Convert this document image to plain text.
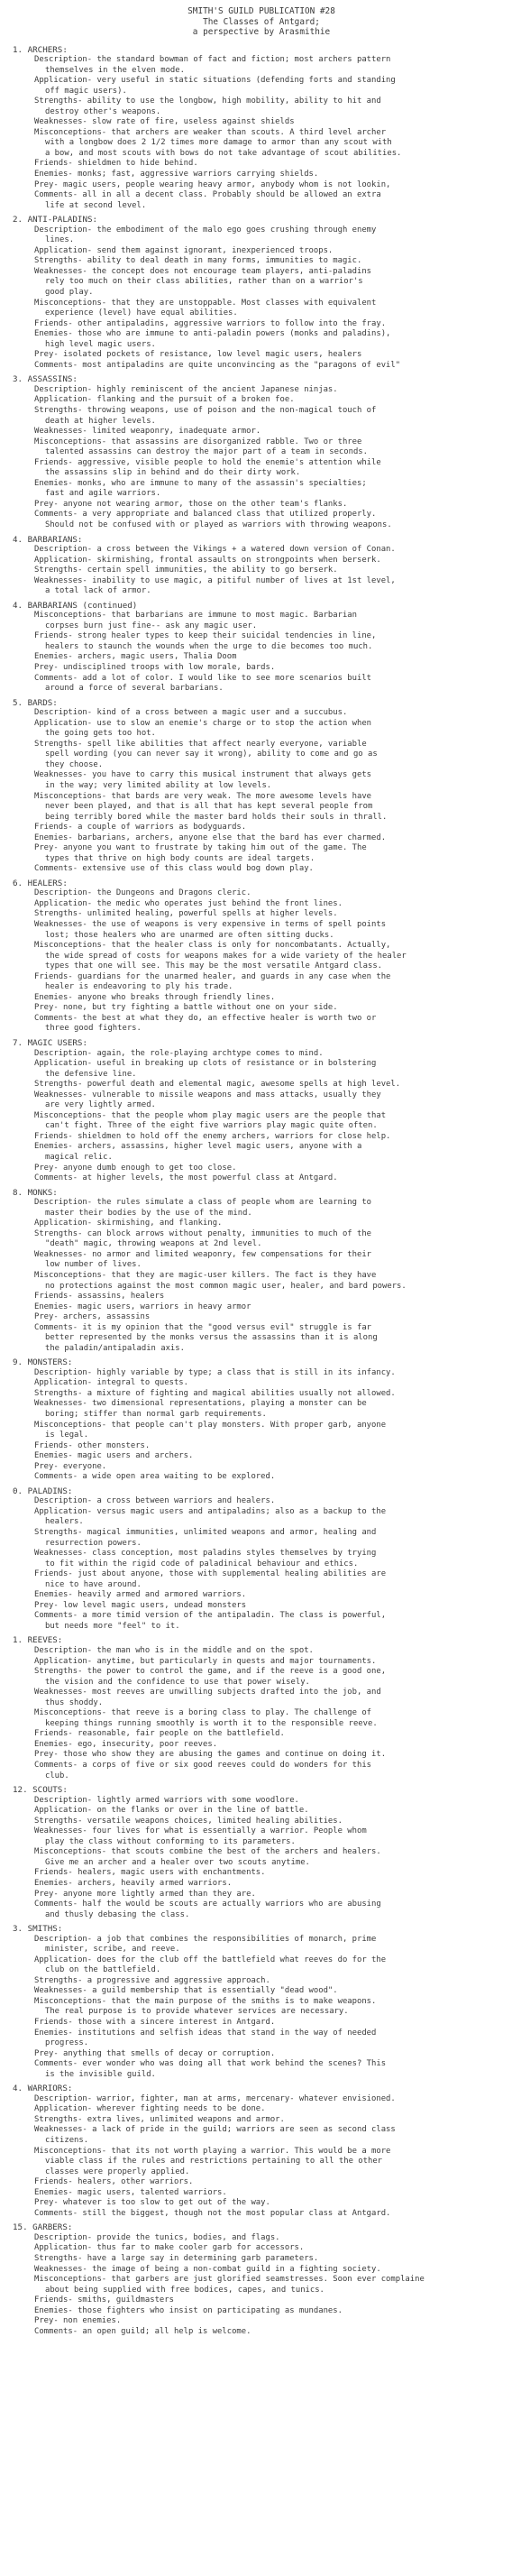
SMITH'S GUILD PUBLICATION #28
The Classes of Antgard;
a perspective by Arasmithie
1. ARCHERS:
Description- the standard bowman of fact and fiction; most archers pattern
themselves in the elven mode.
Application- very useful in static situations (defending forts and standing
off magic users).
Strengths- ability to use the longbow, high mobility, ability to hit and
destroy other's weapons.
Weaknesses- slow rate of fire, useless against shields
Misconceptions- that archers are weaker than scouts. A third level archer
with a longbow does 2 1/2 times more damage to armor than any scout with
a bow, and most scouts with bows do not take advantage of scout abilities.
Friends- shieldmen to hide behind.
Enemies- monks; fast, aggressive warriors carrying shields.
Prey- magic users, people wearing heavy armor, anybody whom is not lookin,
Comments- all in all a decent class. Probably should be allowed an extra
life at second level.
2. ANTI-PALADINS:
Description- the embodiment of the malo ego goes crushing through enemy
lines.
Application- send them against ignorant, inexperienced troops.
Strengths- ability to deal death in many forms, immunities to magic.
Weaknesses- the concept does not encourage team players, anti-paladins
rely too much on their class abilities, rather than on a warrior's
good play.
Misconceptions- that they are unstoppable. Most classes with equivalent
experience (level) have equal abilities.
Friends- other antipaladins, aggressive warriors to follow into the fray.
Enemies- those who are immune to anti-paladin powers (monks and paladins),
high level magic users.
Prey- isolated pockets of resistance, low level magic users, healers
Comments- most antipaladins are quite unconvincing as the "paragons of evil"
3. ASSASSINS:
Description- highly reminiscent of the ancient Japanese ninjas.
Application- flanking and the pursuit of a broken foe.
Strengths- throwing weapons, use of poison and the non-magical touch of
death at higher levels.
Weaknesses- limited weaponry, inadequate armor.
Misconceptions- that assassins are disorganized rabble. Two or three
talented assassins can destroy the major part of a team in seconds.
Friends- aggressive, visible people to hold the enemie's attention while
the assassins slip in behind and do their dirty work.
Enemies- monks, who are immune to many of the assassin's specialties;
fast and agile warriors.
Prey- anyone not wearing armor, those on the other team's flanks.
Comments- a very appropriate and balanced class that utilized properly.
Should not be confused with or played as warriors with throwing weapons.
4. BARBARIANS:
Description- a cross between the Vikings + a watered down version of Conan.
Application- skirmishing, frontal assaults on strongpoints when berserk.
Strengths- certain spell immunities, the ability to go berserk.
Weaknesses- inability to use magic, a pitiful number of lives at 1st level,
a total lack of armor.
4. BARBARIANS (continued)
Misconceptions- that barbarians are immune to most magic. Barbarian
corpses burn just fine-- ask any magic user.
Friends- strong healer types to keep their suicidal tendencies in line,
healers to staunch the wounds when the urge to die becomes too much.
Enemies- archers, magic users, Thalia Doom
Prey- undisciplined troops with low morale, bards.
Comments- add a lot of color. I would like to see more scenarios built
around a force of several barbarians.
5. BARDS:
Description- kind of a cross between a magic user and a succubus.
Application- use to slow an enemie's charge or to stop the action when
the going gets too hot.
Strengths- spell like abilities that affect nearly everyone, variable
spell wording (you can never say it wrong), ability to come and go as
they choose.
Weaknesses- you have to carry this musical instrument that always gets
in the way; very limited ability at low levels.
Misconceptions- that bards are very weak. The more awesome levels have
never been played, and that is all that has kept several people from
being terribly bored while the master bard holds their souls in thrall.
Friends- a couple of warriors as bodyguards.
Enemies- barbarians, archers, anyone else that the bard has ever charmed.
Prey- anyone you want to frustrate by taking him out of the game. The
types that thrive on high body counts are ideal targets.
Comments- extensive use of this class would bog down play.
6. HEALERS:
Description- the Dungeons and Dragons cleric.
Application- the medic who operates just behind the front lines.
Strengths- unlimited healing, powerful spells at higher levels.
Weaknesses- the use of weapons is very expensive in terms of spell points
lost; those healers who are unarmed are often sitting ducks.
Misconceptions- that the healer class is only for noncombatants. Actually,
the wide spread of costs for weapons makes for a wide variety of the healer
types that one will see. This may be the most versatile Antgard class.
Friends- guardians for the unarmed healer, and guards in any case when the
healer is endeavoring to ply his trade.
Enemies- anyone who breaks through friendly lines.
Prey- none, but try fighting a battle without one on your side.
Comments- the best at what they do, an effective healer is worth two or
three good fighters.
7. MAGIC USERS:
Description- again, the role-playing archtype comes to mind.
Application- useful in breaking up clots of resistance or in bolstering
the defensive line.
Strengths- powerful death and elemental magic, awesome spells at high level.
Weaknesses- vulnerable to missile weapons and mass attacks, usually they
are very lightly armed.
Misconceptions- that the people whom play magic users are the people that
can't fight. Three of the eight five warriors play magic quite often.
Friends- shieldmen to hold off the enemy archers, warriors for close help.
Enemies- archers, assassins, higher level magic users, anyone with a
magical relic.
Prey- anyone dumb enough to get too close.
Comments- at higher levels, the most powerful class at Antgard.
8. MONKS:
Description- the rules simulate a class of people whom are learning to
master their bodies by the use of the mind.
Application- skirmishing, and flanking.
Strengths- can block arrows without penalty, immunities to much of the
"death" magic, throwing weapons at 2nd level.
Weaknesses- no armor and limited weaponry, few compensations for their
low number of lives.
Misconceptions- that they are magic-user killers. The fact is they have
no protections against the most common magic user, healer, and bard powers.
Friends- assassins, healers
Enemies- magic users, warriors in heavy armor
Prey- archers, assassins
Comments- it is my opinion that the "good versus evil" struggle is far
better represented by the monks versus the assassins than it is along
the paladin/antipaladin axis.
9. MONSTERS:
Description- highly variable by type; a class that is still in its infancy.
Application- integral to quests.
Strengths- a mixture of fighting and magical abilities usually not allowed.
Weaknesses- two dimensional representations, playing a monster can be
boring; stiffer than normal garb requirements.
Misconceptions- that people can't play monsters. With proper garb, anyone
is legal.
Friends- other monsters.
Enemies- magic users and archers.
Prey- everyone.
Comments- a wide open area waiting to be explored.
0. PALADINS:
Description- a cross between warriors and healers.
Application- versus magic users and antipaladins; also as a backup to the
healers.
Strengths- magical immunities, unlimited weapons and armor, healing and
resurrection powers.
Weaknesses- class conception, most paladins styles themselves by trying
to fit within the rigid code of paladinical behaviour and ethics.
Friends- just about anyone, those with supplemental healing abilities are
nice to have around.
Enemies- heavily armed and armored warriors.
Prey- low level magic users, undead monsters
Comments- a more timid version of the antipaladin. The class is powerful,
but needs more "feel" to it.
1. REEVES:
Description- the man who is in the middle and on the spot.
Application- anytime, but particularly in quests and major tournaments.
Strengths- the power to control the game, and if the reeve is a good one,
the vision and the confidence to use that power wisely.
Weaknesses- most reeves are unwilling subjects drafted into the job, and
thus shoddy.
Misconceptions- that reeve is a boring class to play. The challenge of
keeping things running smoothly is worth it to the responsible reeve.
Friends- reasonable, fair people on the battlefield.
Enemies- ego, insecurity, poor reeves.
Prey- those who show they are abusing the games and continue on doing it.
Comments- a corps of five or six good reeves could do wonders for this
club.
12. SCOUTS:
Description- lightly armed warriors with some woodlore.
Application- on the flanks or over in the line of battle.
Strengths- versatile weapons choices, limited healing abilities.
Weaknesses- four lives for what is essentially a warrior. People whom
play the class without conforming to its parameters.
Misconceptions- that scouts combine the best of the archers and healers.
Give me an archer and a healer over two scouts anytime.
Friends- healers, magic users with enchantments.
Enemies- archers, heavily armed warriors.
Prey- anyone more lightly armed than they are.
Comments- half the would be scouts are actually warriors who are abusing
and thusly debasing the class.
3. SMITHS:
Description- a job that combines the responsibilities of monarch, prime
minister, scribe, and reeve.
Application- does for the club off the battlefield what reeves do for the
club on the battlefield.
Strengths- a progressive and aggressive approach.
Weaknesses- a guild membership that is essentially "dead wood".
Misconceptions- that the main purpose of the smiths is to make weapons.
The real purpose is to provide whatever services are necessary.
Friends- those with a sincere interest in Antgard.
Enemies- institutions and selfish ideas that stand in the way of needed
progress.
Prey- anything that smells of decay or corruption.
Comments- ever wonder who was doing all that work behind the scenes? This
is the invisible guild.
4. WARRIORS:
Description- warrior, fighter, man at arms, mercenary- whatever envisioned.
Application- wherever fighting needs to be done.
Strengths- extra lives, unlimited weapons and armor.
Weaknesses- a lack of pride in the guild; warriors are seen as second class
citizens.
Misconceptions- that its not worth playing a warrior. This would be a more
viable class if the rules and restrictions pertaining to all the other
classes were properly applied.
Friends- healers, other warriors.
Enemies- magic users, talented warriors.
Prey- whatever is too slow to get out of the way.
Comments- still the biggest, though not the most popular class at Antgard.
15. GARBERS:
Description- provide the tunics, bodies, and flags.
Application- thus far to make cooler garb for accessors.
Strengths- have a large say in determining garb parameters.
Weaknesses- the image of being a non-combat guild in a fighting society.
Misconceptions- that garbers are just glorified seamstresses. Soon ever complaine
about being supplied with free bodices, capes, and tunics.
Friends- smiths, guildmasters
Enemies- those fighters who insist on participating as mundanes.
Prey- non enemies.
Comments- an open guild; all help is welcome.
